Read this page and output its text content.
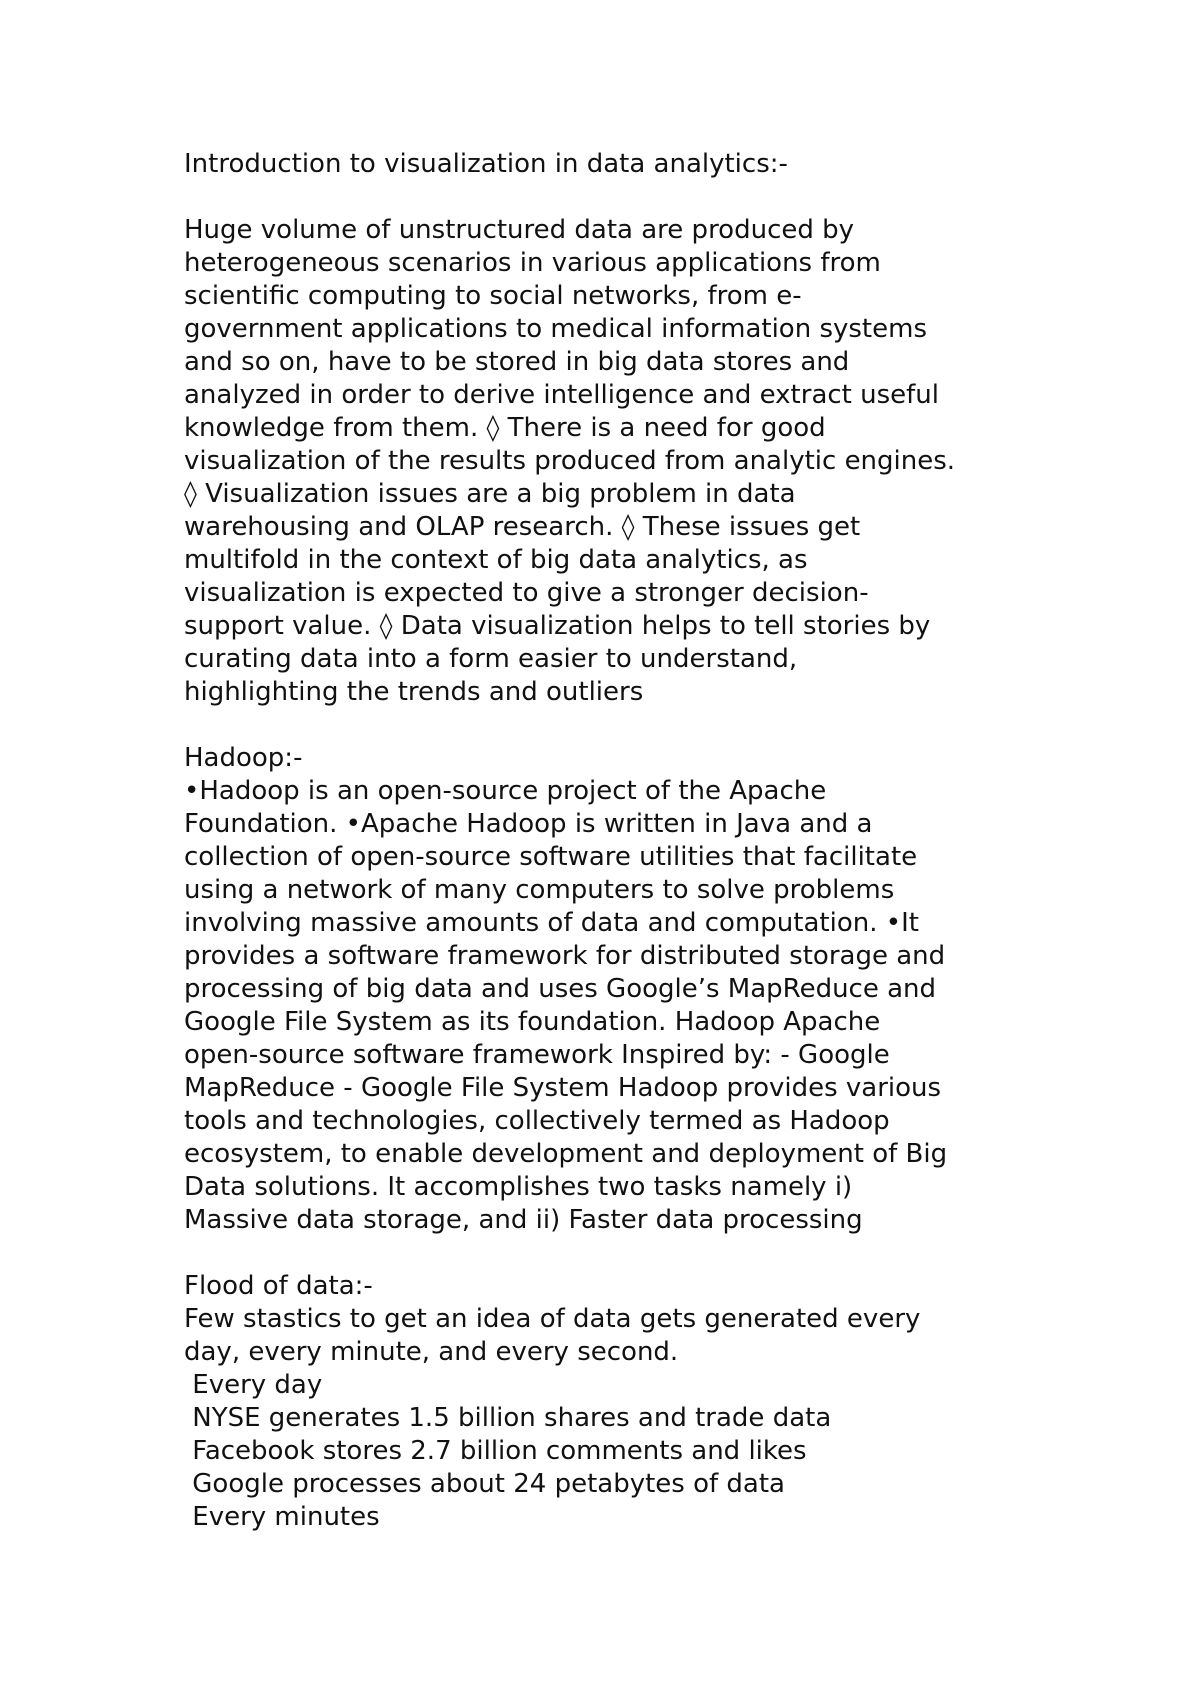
Introduction to visualization in data analytics:-
Huge volume of unstructured data are produced by
heterogeneous scenarios in various applications from
scientific computing to social networks, from e-
government applications to medical information systems
and so on, have to be stored in big data stores and
analyzed in order to derive intelligence and extract useful
knowledge from them. ◊ There is a need for good
visualization of the results produced from analytic engines.
◊ Visualization issues are a big problem in data
warehousing and OLAP research. ◊ These issues get
multifold in the context of big data analytics, as
visualization is expected to give a stronger decision-
support value. ◊ Data visualization helps to tell stories by
curating data into a form easier to understand,
highlighting the trends and outliers
Hadoop:-
•Hadoop is an open-source project of the Apache
Foundation. •Apache Hadoop is written in Java and a
collection of open-source software utilities that facilitate
using a network of many computers to solve problems
involving massive amounts of data and computation. •It
provides a software framework for distributed storage and
processing of big data and uses Google’s MapReduce and
Google File System as its foundation. Hadoop Apache
open-source software framework Inspired by: - Google
MapReduce - Google File System Hadoop provides various
tools and technologies, collectively termed as Hadoop
ecosystem, to enable development and deployment of Big
Data solutions. It accomplishes two tasks namely i)
Massive data storage, and ii) Faster data processing
Flood of data:-
Few stastics to get an idea of data gets generated every
day, every minute, and every second.
Every day
NYSE generates 1.5 billion shares and trade data
Facebook stores 2.7 billion comments and likes
Google processes about 24 petabytes of data
Every minutes
